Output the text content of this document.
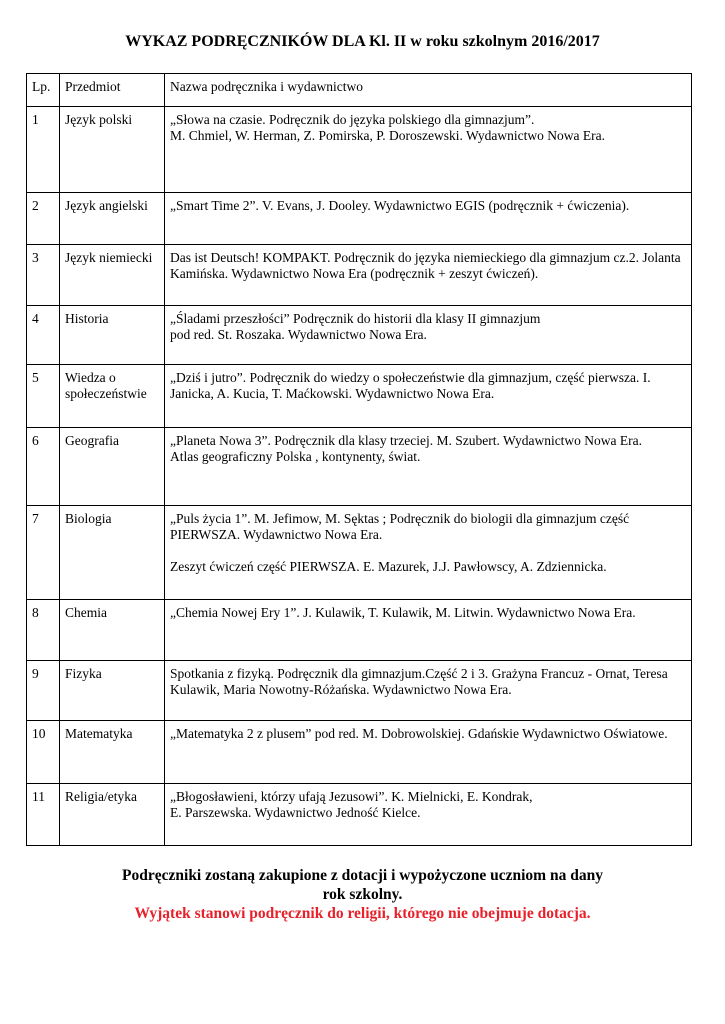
WYKAZ PODRĘCZNIKÓW DLA Kl. II w roku szkolnym 2016/2017
Lp.	Przedmiot	Nazwa podręcznika i wydawnictwo
1	Język polski	„Słowa na czasie. Podręcznik do języka polskiego dla gimnazjum”.

M. Chmiel, W. Herman, Z. Pomirska, P. Doroszewski. Wydawnictwo Nowa Era.

2	Język angielski	„Smart Time 2”. V. Evans, J. Dooley. Wydawnictwo EGIS (podręcznik + ćwiczenia).

3	Język niemiecki	Das ist Deutsch! KOMPAKT. Podręcznik do języka niemieckiego dla gimnazjum cz.2. Jolanta Kamińska. Wydawnictwo Nowa Era (podręcznik + zeszyt ćwiczeń).

4	Historia	„Śladami przeszłości” Podręcznik do historii dla klasy II gimnazjum

pod red. St. Roszaka. Wydawnictwo Nowa Era.

5	Wiedza o społeczeństwie	„Dziś i jutro”. Podręcznik do wiedzy o społeczeństwie dla gimnazjum, część pierwsza. I. Janicka, A. Kucia, T. Maćkowski. Wydawnictwo Nowa Era.

6	Geografia	„Planeta Nowa 3”. Podręcznik dla klasy trzeciej. M. Szubert. Wydawnictwo Nowa Era.

Atlas geograficzny Polska , kontynenty, świat.

7	Biologia	„Puls życia 1”. M. Jefimow, M. Sęktas ; Podręcznik do biologii dla gimnazjum część PIERWSZA. Wydawnictwo Nowa Era.

Zeszyt ćwiczeń część PIERWSZA. E. Mazurek, J.J. Pawłowscy, A. Zdziennicka.

8	Chemia	„Chemia Nowej Ery 1”. J. Kulawik, T. Kulawik, M. Litwin. Wydawnictwo Nowa Era.

9	Fizyka	Spotkania z fizyką. Podręcznik dla gimnazjum.Część 2 i 3. Grażyna Francuz - Ornat, Teresa Kulawik, Maria Nowotny-Różańska. Wydawnictwo Nowa Era.

10	Matematyka	„Matematyka 2 z plusem” pod red. M. Dobrowolskiej. Gdańskie Wydawnictwo Oświatowe.

11	Religia/etyka	„Błogosławieni, którzy ufają Jezusowi”. K. Mielnicki, E. Kondrak,

E. Parszewska. Wydawnictwo Jedność Kielce.

Podręczniki zostaną zakupione z dotacji i wypożyczone uczniom na dany
rok szkolny.
Wyjątek stanowi podręcznik do religii, którego nie obejmuje dotacja.
